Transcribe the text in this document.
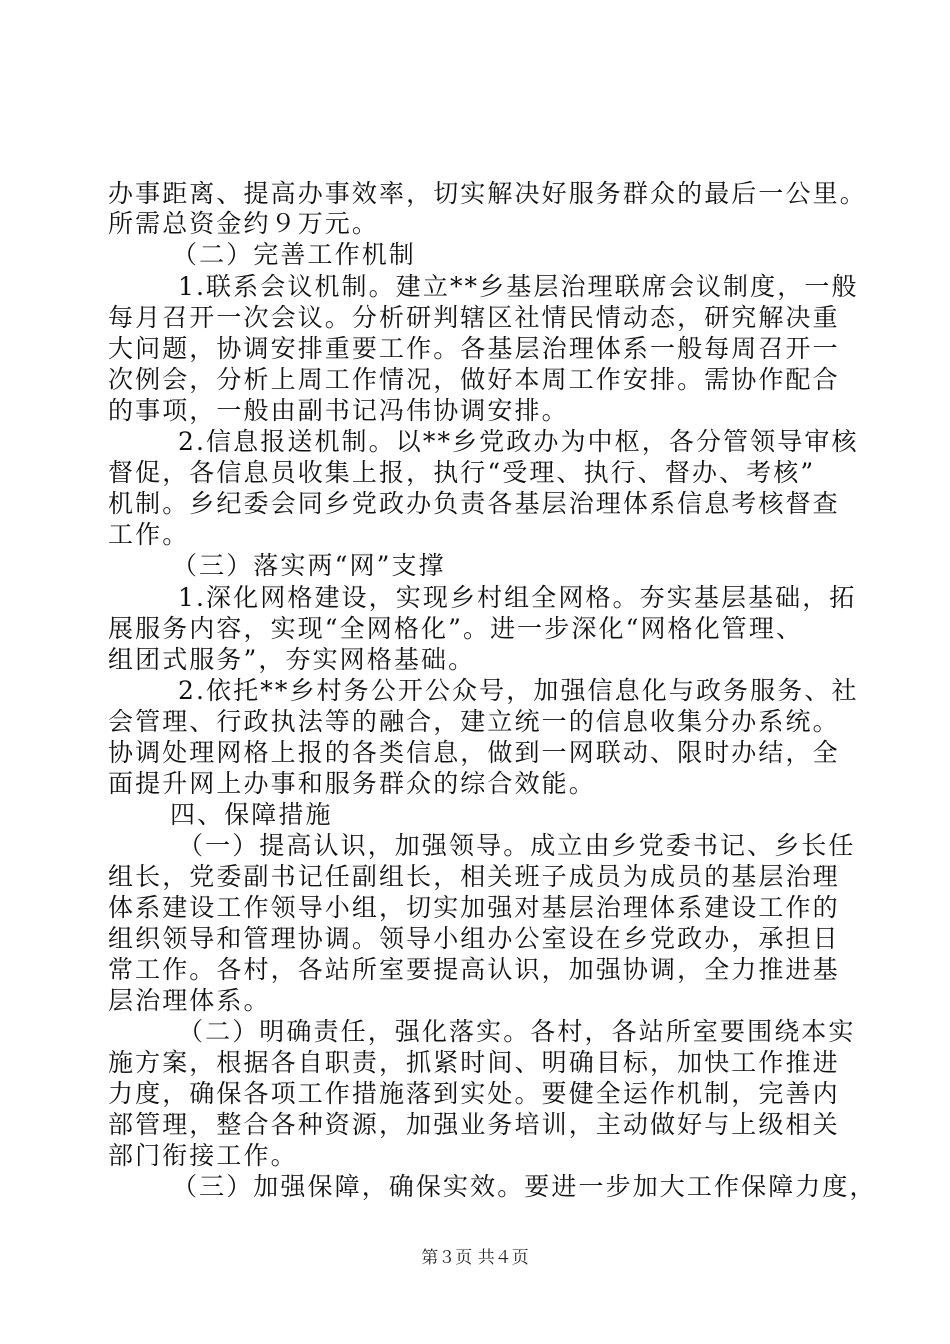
办事距离、提高办事效率，切实解决好服务群众的最后一公里。
所需总资金约９万元。
（二）完善工作机制
1.联系会议机制。建立**乡基层治理联席会议制度，一般
每月召开一次会议。分析研判辖区社情民情动态，研究解决重
大问题，协调安排重要工作。各基层治理体系一般每周召开一
次例会，分析上周工作情况，做好本周工作安排。需协作配合
的事项，一般由副书记冯伟协调安排。
2.信息报送机制。以**乡党政办为中枢，各分管领导审核
督促，各信息员收集上报，执行“受理、执行、督办、考核”
机制。乡纪委会同乡党政办负责各基层治理体系信息考核督查
工作。
（三）落实两“网”支撑
1.深化网格建设，实现乡村组全网格。夯实基层基础，拓
展服务内容，实现“全网格化”。进一步深化“网格化管理、
组团式服务”，夯实网格基础。
2.依托**乡村务公开公众号，加强信息化与政务服务、社
会管理、行政执法等的融合，建立统一的信息收集分办系统。
协调处理网格上报的各类信息，做到一网联动、限时办结，全
面提升网上办事和服务群众的综合效能。
四、保障措施
（一）提高认识，加强领导。成立由乡党委书记、乡长任
组长，党委副书记任副组长，相关班子成员为成员的基层治理
体系建设工作领导小组，切实加强对基层治理体系建设工作的
组织领导和管理协调。领导小组办公室设在乡党政办，承担日
常工作。各村，各站所室要提高认识，加强协调，全力推进基
层治理体系。
（二）明确责任，强化落实。各村，各站所室要围绕本实
施方案，根据各自职责，抓紧时间、明确目标，加快工作推进
力度，确保各项工作措施落到实处。要健全运作机制，完善内
部管理，整合各种资源，加强业务培训，主动做好与上级相关
部门衔接工作。
（三）加强保障，确保实效。要进一步加大工作保障力度，
第３页 共４页
